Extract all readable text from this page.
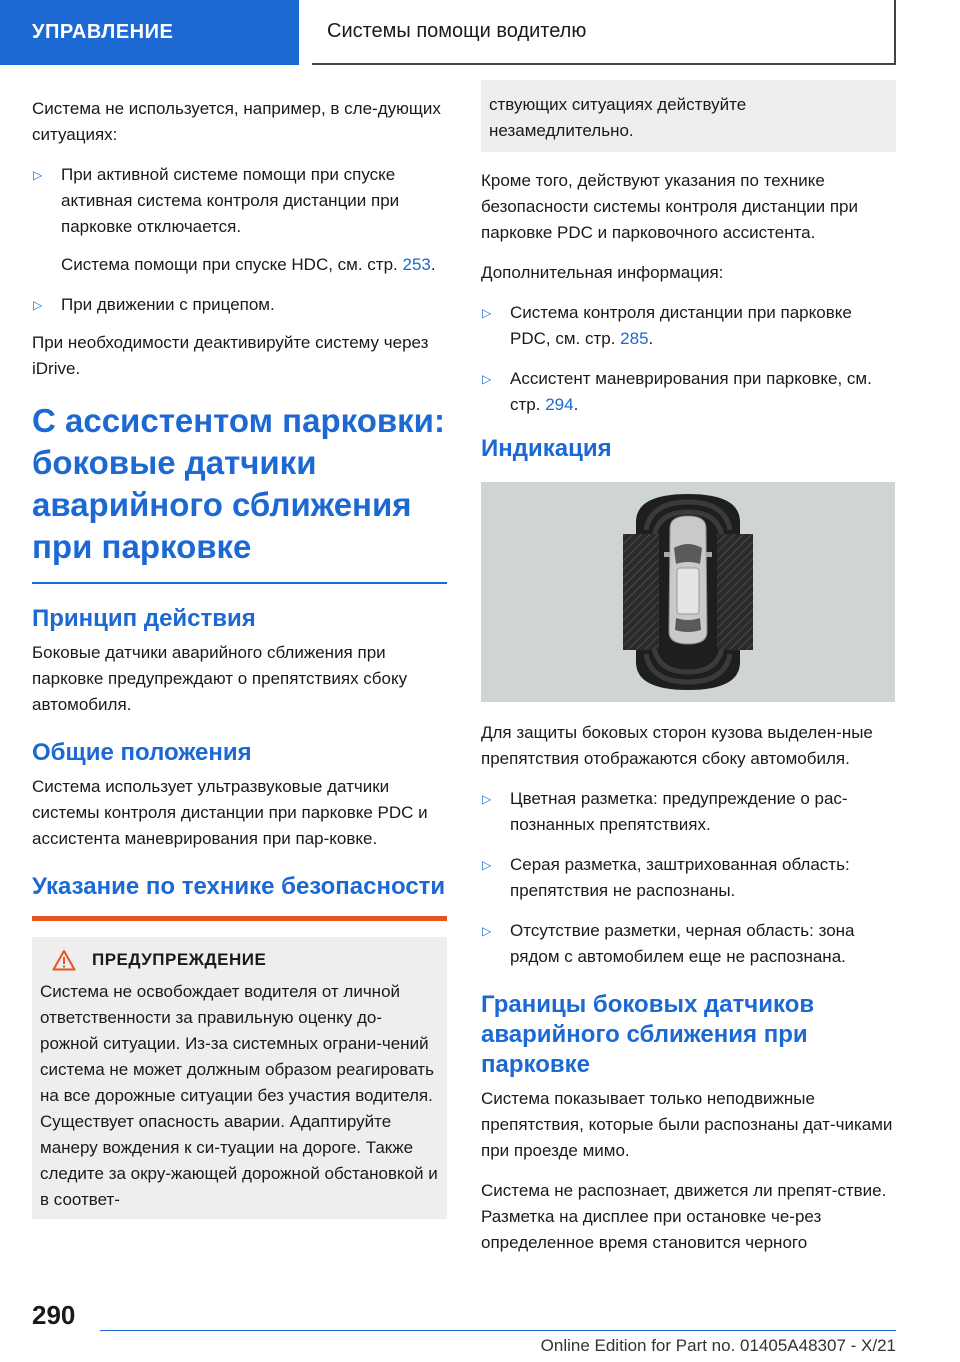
УПРАВЛЕНИЕ	Системы помощи водителю

Система не используется, например, в сле-дующих ситуациях:

▷ При активной системе помощи при спуске активная система контроля дистанции при парковке отключается.
Система помощи при спуске HDC, см. стр. 253.
▷ При движении с прицепом.

При необходимости деактивируйте систему через iDrive.

С ассистентом парковки: боковые датчики аварийного сближения при парковке
Принцип действия

Боковые датчики аварийного сближения при парковке предупреждают о препятствиях сбоку автомобиля.

Общие положения

Система использует ультразвуковые датчики системы контроля дистанции при парковке PDC и ассистента маневрирования при пар-ковке.

Указание по технике безопасности
ПРЕДУПРЕЖДЕНИЕ

Система не освобождает водителя от личной ответственности за правильную оценку до-рожной ситуации. Из-за системных ограни-чений система не может должным образом реагировать на все дорожные ситуации без участия водителя. Существует опасность аварии. Адаптируйте манеру вождения к си-туации на дороге. Также следите за окру-жающей дорожной обстановкой и в соответ-

ствующих ситуациях действуйте незамедлительно.

Кроме того, действуют указания по технике безопасности системы контроля дистанции при парковке PDC и парковочного ассистента.

Дополнительная информация:

▷ Система контроля дистанции при парковке PDC, см. стр. 285.
▷ Ассистент маневрирования при парковке, см. стр. 294.
Индикация

Для защиты боковых сторон кузова выделен-ные препятствия отображаются сбоку автомобиля.

▷ Цветная разметка: предупреждение о рас-познанных препятствиях.
▷ Серая разметка, заштрихованная область: препятствия не распознаны.
▷ Отсутствие разметки, черная область: зона рядом с автомобилем еще не распознана.
Границы боковых датчиков аварийного сближения при парковке

Система показывает только неподвижные препятствия, которые были распознаны дат-чиками при проезде мимо.

Система не распознает, движется ли препят-ствие. Разметка на дисплее при остановке че-рез определенное время становится черного

290
Online Edition for Part no. 01405A48307 - X/21
